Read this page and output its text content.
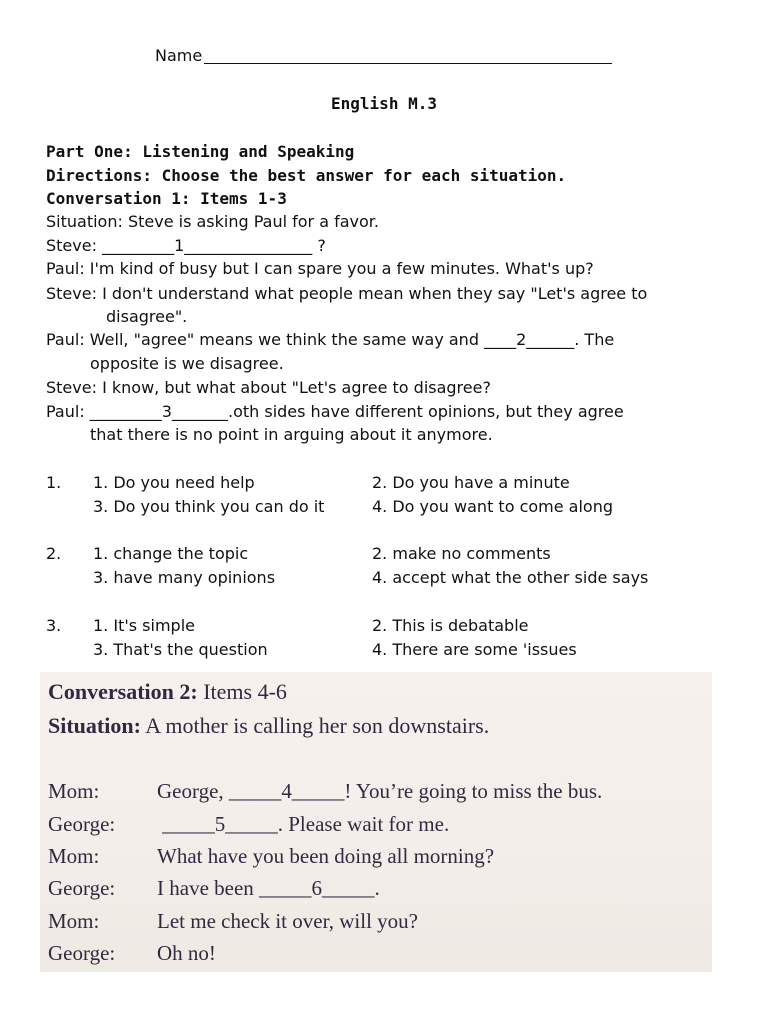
Name
English M.3
Part One: Listening and Speaking
Directions: Choose the best answer for each situation.
Conversation 1: Items 1-3
Situation: Steve is asking Paul for a favor.
Steve: _________1________________ ?
Paul: I'm kind of busy but I can spare you a few minutes. What's up?
Steve: I don't understand what people mean when they say "Let's agree to
disagree".
Paul: Well, "agree" means we think the same way and ____2______. The
opposite is we disagree.
Steve: I know, but what about "Let's agree to disagree?
Paul: _________3_______.oth sides have different opinions, but they agree
that there is no point in arguing about it anymore.
1. 1. Do you need help	2. Do you have a minute
3. Do you think you can do it	4. Do you want to come along
2. 1. change the topic	2. make no comments
3. have many opinions	4. accept what the other side says
3. 1. It's simple	2. This is debatable
3. That's the question	4. There are some 'issues
Conversation 2: Items 4-6
Situation: A mother is calling her son downstairs.
Mom:	George, _____4_____! You’re going to miss the bus.
George: _____5_____. Please wait for me.
Mom:	What have you been doing all morning?
George: I have been _____6_____.
Mom:	Let me check it over, will you?
George: Oh no!
